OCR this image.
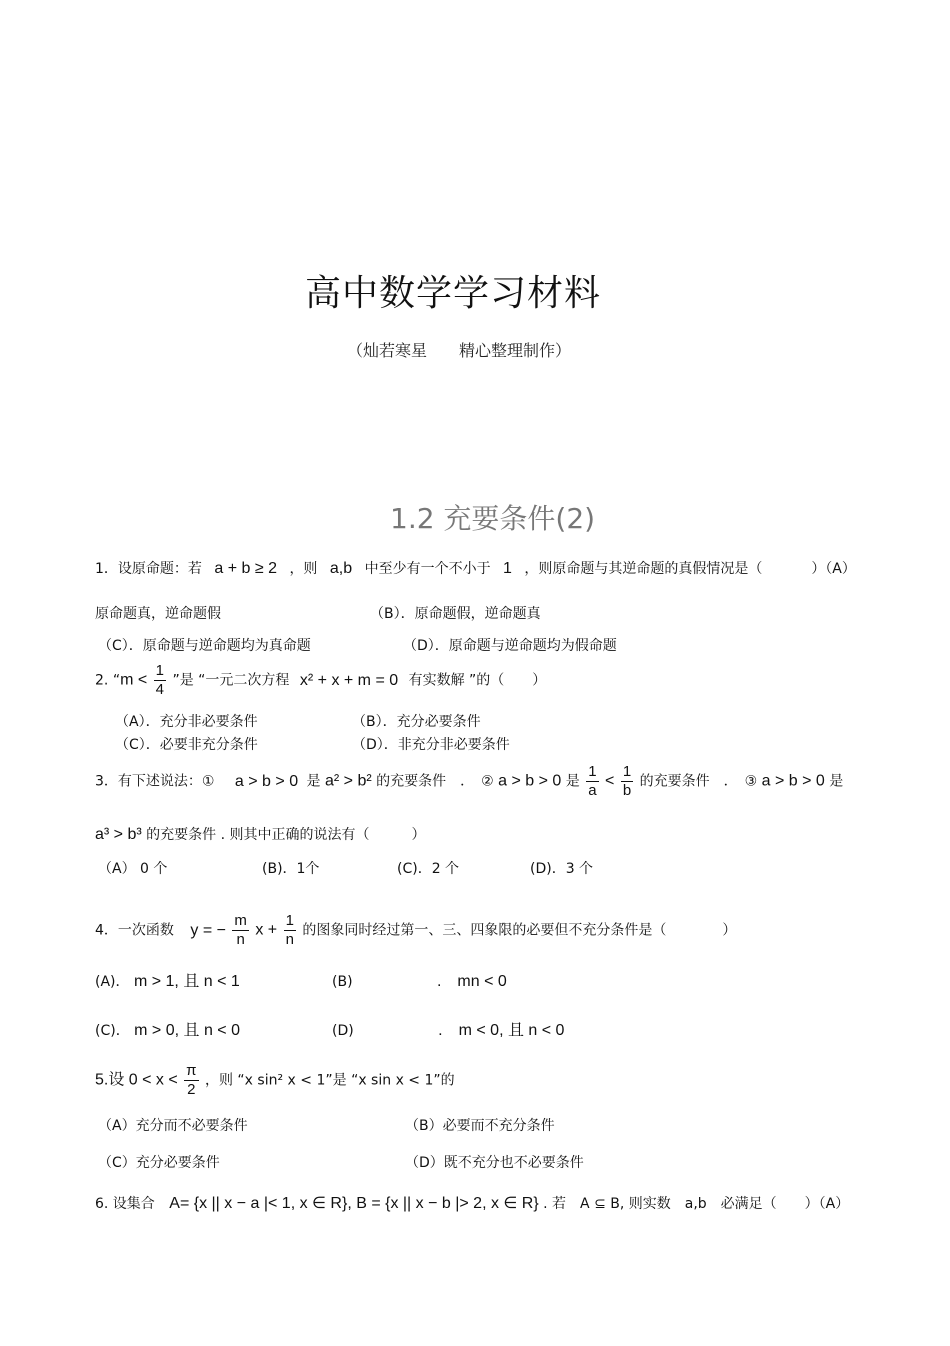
高中数学学习材料
（灿若寒星　　精心整理制作）
1.2 充要条件(2)
1．设原命题：若 a + b ≥ 2 ，则 a,b 中至少有一个不小于 1 ，则原命题与其逆命题的真假情况是（	）（A）
原命题真，逆命题假	（B）．原命题假，逆命题真
（C）．原命题与逆命题均为真命题	（D）．原命题与逆命题均为假命题
2. “$m < \frac{1}{4}$ ”是 “一元二次方程 x² + x + m = 0 有实数解 ”的（　　）
（A）．充分非必要条件	（B）．充分必要条件
（C）．必要非充分条件	（D）．非充分非必要条件
3．有下述说法：① a > b > 0 是 a² > b² 的充要条件　．　② a > b > 0 是 $\frac{1}{a} < \frac{1}{b}$ 的充要条件　．　③ a > b > 0 是
a³ > b³ 的充要条件 . 则其中正确的说法有（　　　）
（A） 0 个	(B)．1个	(C)．2 个	(D)．3 个
4．一次函数 y = − $\frac{m}{n}$ $x + \frac{1}{n}$ 的图象同时经过第一、三、四象限的必要但不充分条件是（　　　　）
(A)． m > 1, 且 n < 1	(B)	.　mn < 0
(C)． m > 0, 且 n < 0	(D)	.　m < 0, 且 n < 0
5.设 $0 < x < \frac{\pi}{2}$ ，则 “x sin² x < 1”是 “x sin x < 1”的
（A）充分而不必要条件	（B）必要而不充分条件
（C）充分必要条件	（D）既不充分也不必要条件
6. 设集合 A= {x || x − a |< 1, x ∈ R}, B = {x || x − b |> 2, x ∈ R} . 若　A ⊆ B, 则实数　a,b　必满足（　　）（A）
